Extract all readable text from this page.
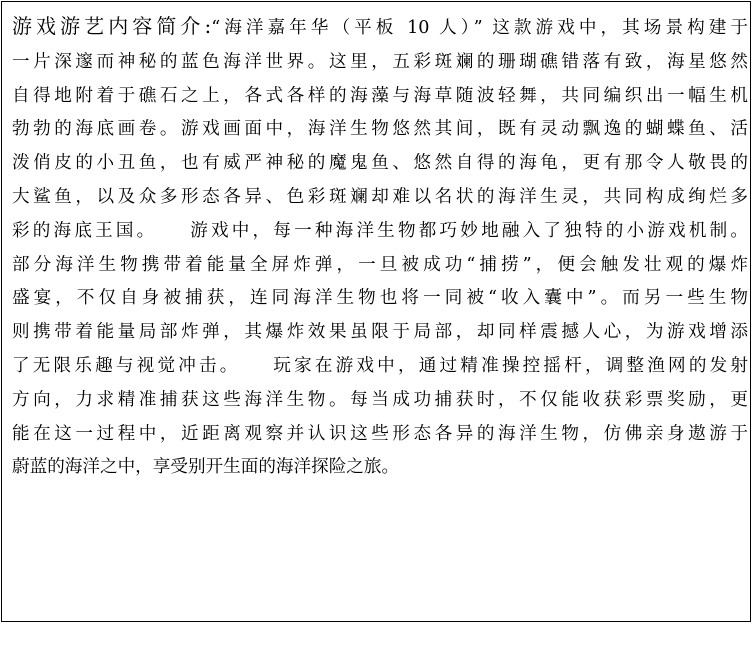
游戏游艺内容简介:“海洋嘉年华（平板 10 人）” 这款游戏中，其场景构建于
一片深邃而神秘的蓝色海洋世界。这里，五彩斑斓的珊瑚礁错落有致，海星悠然
自得地附着于礁石之上，各式各样的海藻与海草随波轻舞，共同编织出一幅生机
勃勃的海底画卷。游戏画面中，海洋生物悠然其间，既有灵动飘逸的蝴蝶鱼、活
泼俏皮的小丑鱼，也有威严神秘的魔鬼鱼、悠然自得的海龟，更有那令人敬畏的
大鲨鱼，以及众多形态各异、色彩斑斓却难以名状的海洋生灵，共同构成绚烂多
彩的海底王国。　　游戏中，每一种海洋生物都巧妙地融入了独特的小游戏机制。
部分海洋生物携带着能量全屏炸弹，一旦被成功“捕捞”，便会触发壮观的爆炸
盛宴，不仅自身被捕获，连同海洋生物也将一同被“收入囊中”。而另一些生物
则携带着能量局部炸弹，其爆炸效果虽限于局部，却同样震撼人心，为游戏增添
了无限乐趣与视觉冲击。　　玩家在游戏中，通过精准操控摇杆，调整渔网的发射
方向，力求精准捕获这些海洋生物。每当成功捕获时，不仅能收获彩票奖励，更
能在这一过程中，近距离观察并认识这些形态各异的海洋生物，仿佛亲身遨游于
蔚蓝的海洋之中，享受别开生面的海洋探险之旅。
